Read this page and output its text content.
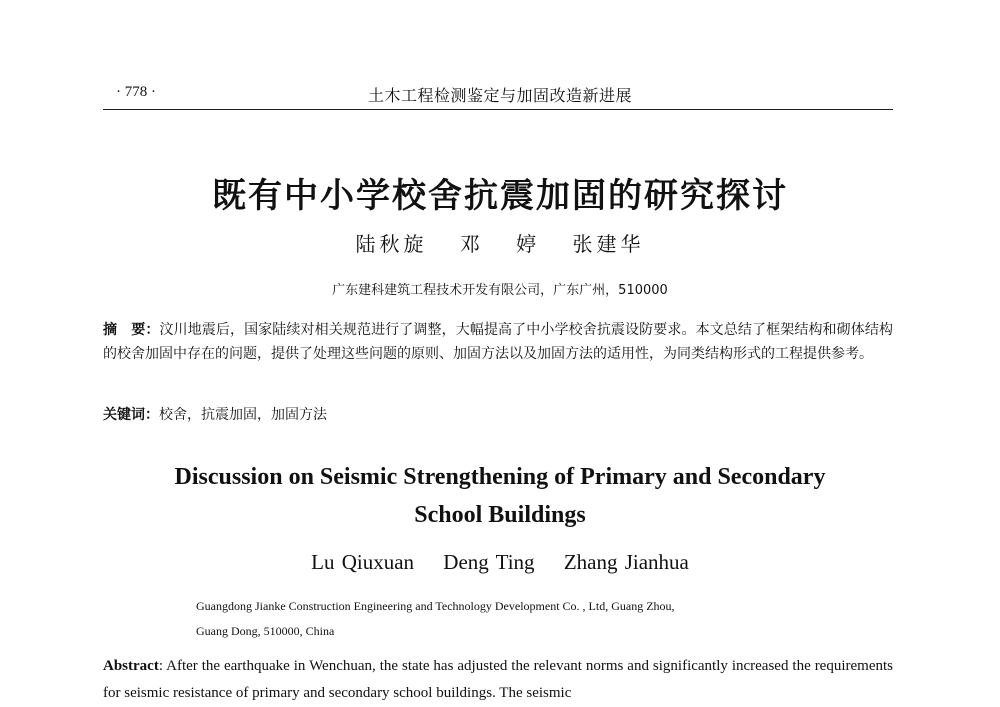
· 778 ·	土木工程检测鉴定与加固改造新进展
既有中小学校舍抗震加固的研究探讨
陆秋旋 邓 婷 张建华
广东建科建筑工程技术开发有限公司，广东广州，510000
摘　要：汶川地震后，国家陆续对相关规范进行了调整，大幅提高了中小学校舍抗震设防要求。本文总结了框架结构和砌体结构的校舍加固中存在的问题，提供了处理这些问题的原则、加固方法以及加固方法的适用性，为同类结构形式的工程提供参考。
关键词：校舍，抗震加固，加固方法
Discussion on Seismic Strengthening of Primary and Secondary
School Buildings
Lu Qiuxuan Deng Ting Zhang Jianhua
Guangdong Jianke Construction Engineering and Technology Development Co. , Ltd, Guang Zhou,
Guang Dong, 510000, China
Abstract: After the earthquake in Wenchuan, the state has adjusted the relevant norms and significantly increased the requirements for seismic resistance of primary and secondary school buildings. The seismic
